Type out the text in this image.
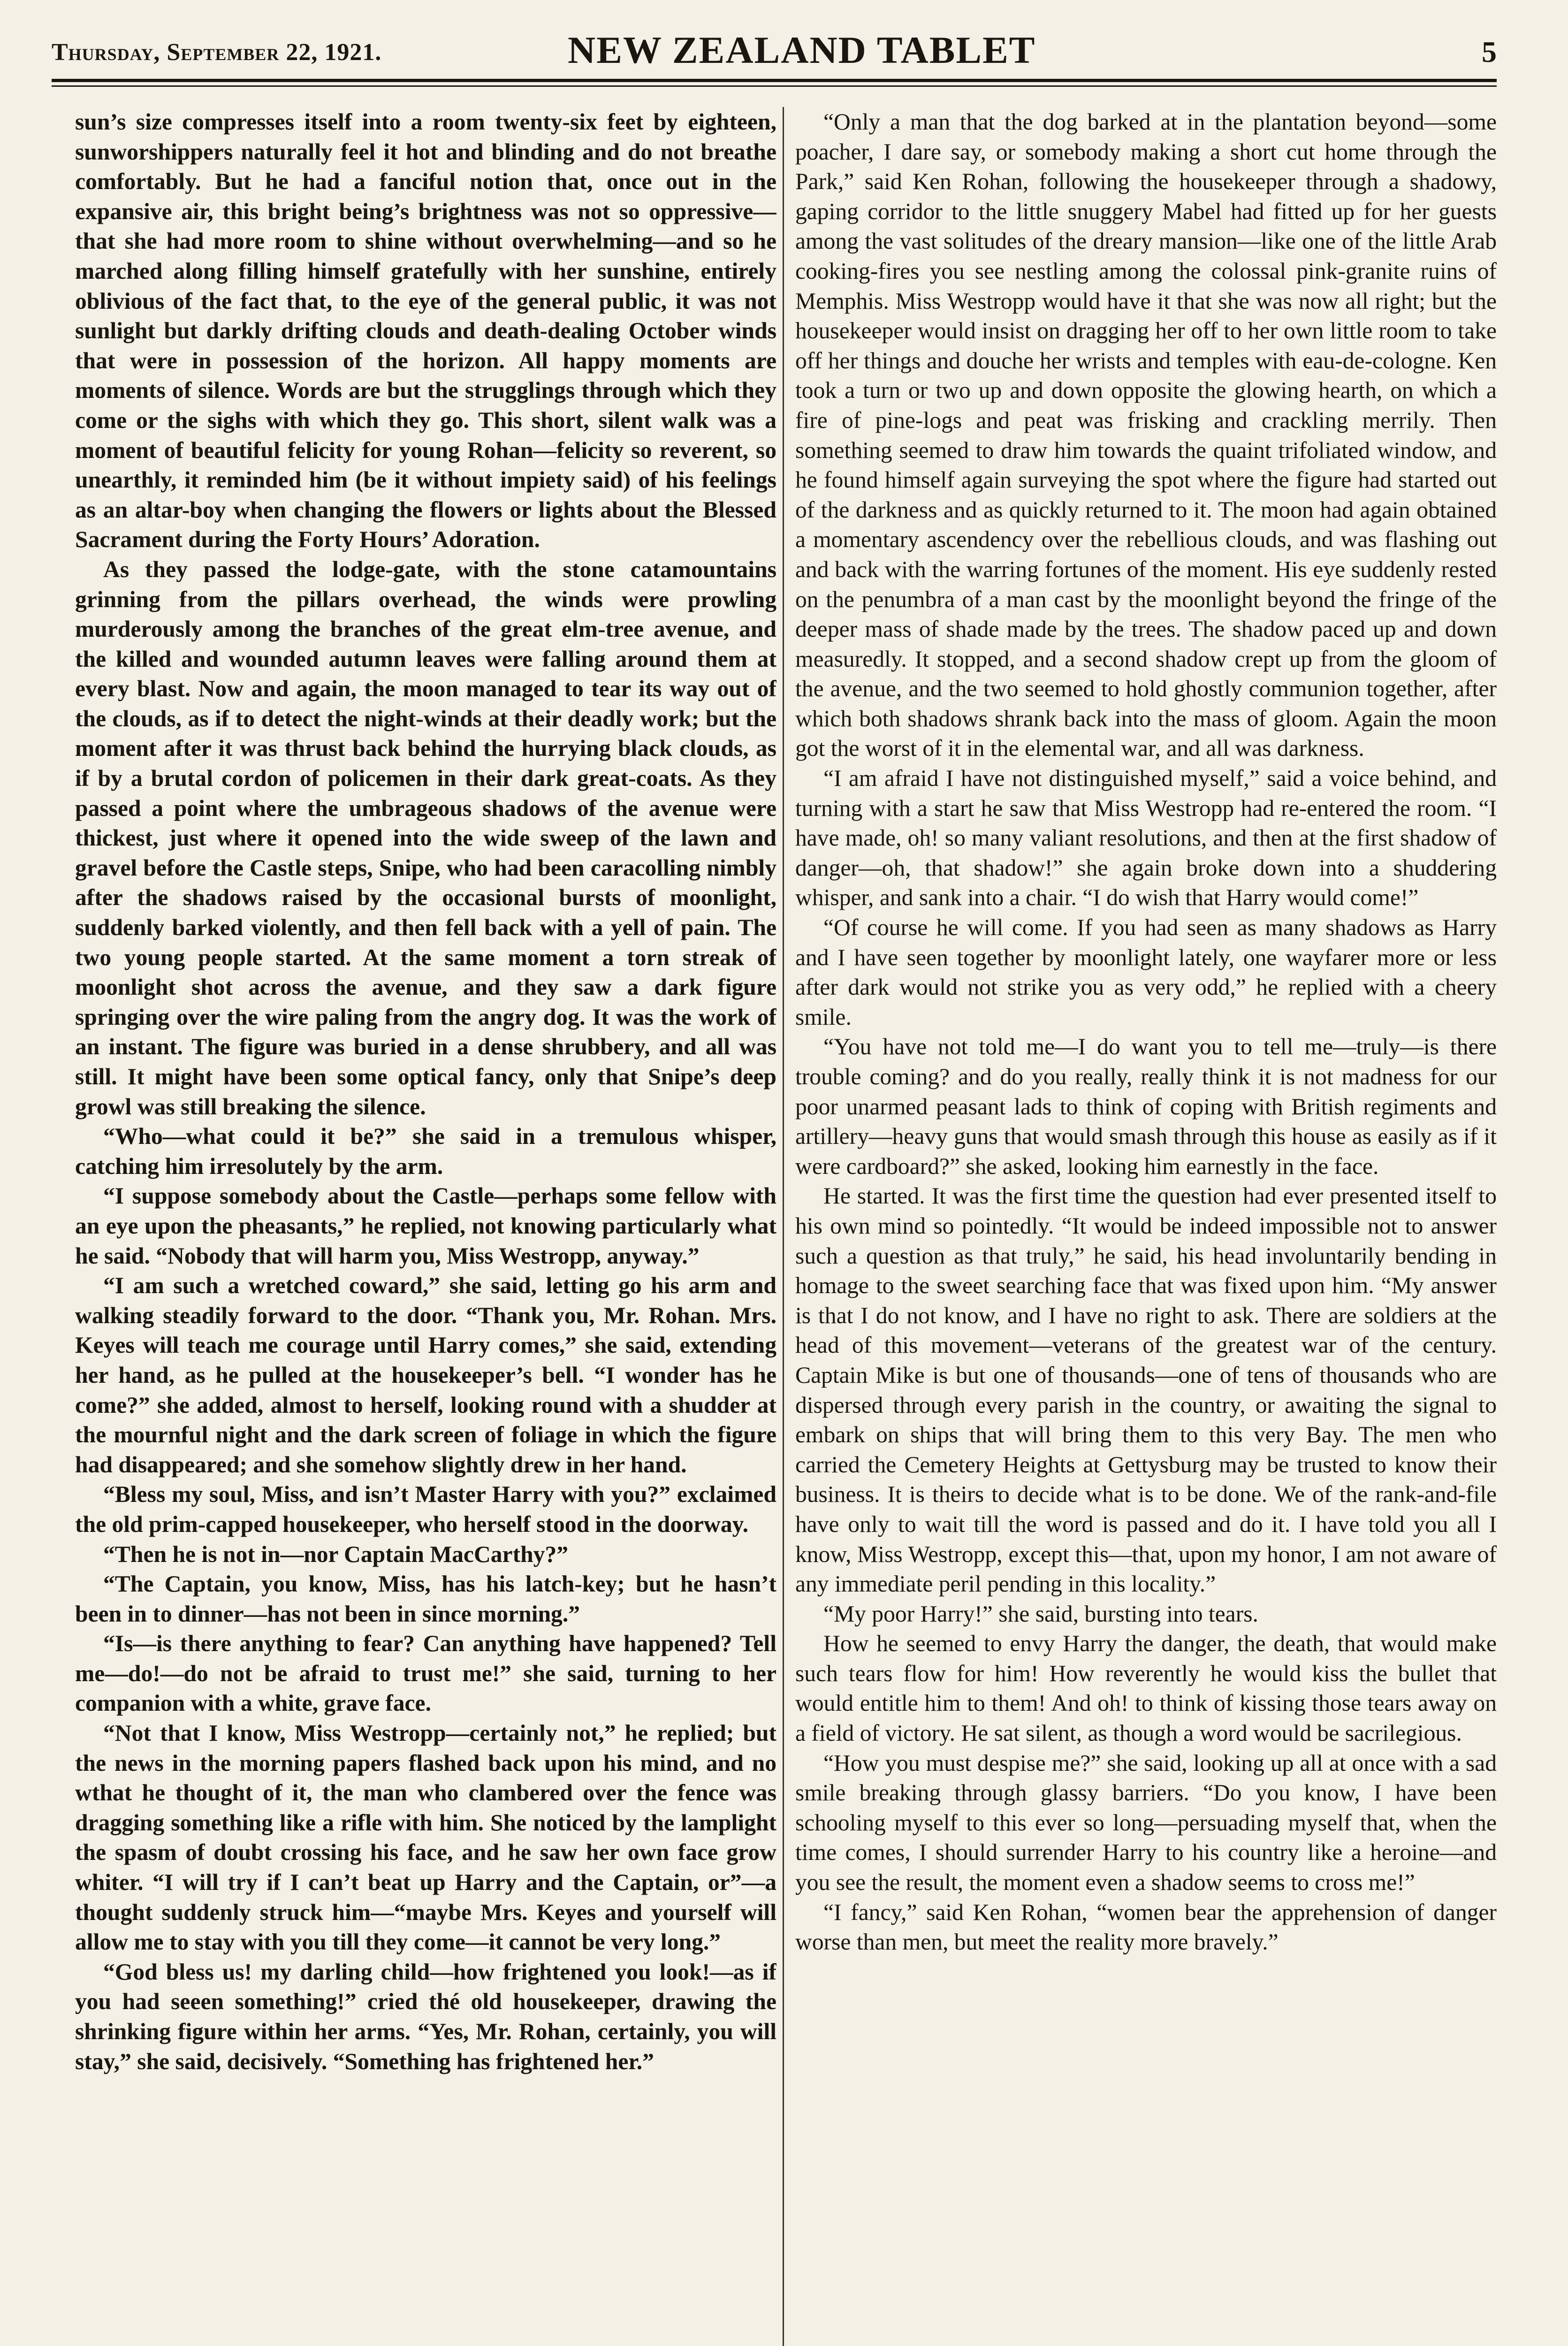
Thursday, September 22, 1921.	NEW ZEALAND TABLET	5

sun’s size compresses itself into a room twenty-six feet by eighteen, sunworshippers naturally feel it hot and blinding and do not breathe comfortably. But he had a fanciful notion that, once out in the expansive air, this bright being’s brightness was not so oppressive—that she had more room to shine without overwhelming—and so he marched along filling himself gratefully with her sunshine, entirely oblivious of the fact that, to the eye of the general public, it was not sunlight but darkly drifting clouds and death-dealing October winds that were in possession of the horizon. All happy moments are moments of silence. Words are but the strugglings through which they come or the sighs with which they go. This short, silent walk was a moment of beautiful felicity for young Rohan—felicity so reverent, so unearthly, it reminded him (be it without impiety said) of his feelings as an altar-boy when changing the flowers or lights about the Blessed Sacrament during the Forty Hours’ Adoration.

As they passed the lodge-gate, with the stone catamountains grinning from the pillars overhead, the winds were prowling murderously among the branches of the great elm-tree avenue, and the killed and wounded autumn leaves were falling around them at every blast. Now and again, the moon managed to tear its way out of the clouds, as if to detect the night-winds at their deadly work; but the moment after it was thrust back behind the hurrying black clouds, as if by a brutal cordon of policemen in their dark great-coats. As they passed a point where the umbrageous shadows of the avenue were thickest, just where it opened into the wide sweep of the lawn and gravel before the Castle steps, Snipe, who had been caracolling nimbly after the shadows raised by the occasional bursts of moonlight, suddenly barked violently, and then fell back with a yell of pain. The two young people started. At the same moment a torn streak of moonlight shot across the avenue, and they saw a dark figure springing over the wire paling from the angry dog. It was the work of an instant. The figure was buried in a dense shrubbery, and all was still. It might have been some optical fancy, only that Snipe’s deep growl was still breaking the silence.

“Who—what could it be?” she said in a tremulous whisper, catching him irresolutely by the arm.

“I suppose somebody about the Castle—perhaps some fellow with an eye upon the pheasants,” he replied, not knowing particularly what he said. “Nobody that will harm you, Miss Westropp, anyway.”

“I am such a wretched coward,” she said, letting go his arm and walking steadily forward to the door. “Thank you, Mr. Rohan. Mrs. Keyes will teach me courage until Harry comes,” she said, extending her hand, as he pulled at the housekeeper’s bell. “I wonder has he come?” she added, almost to herself, looking round with a shudder at the mournful night and the dark screen of foliage in which the figure had disappeared; and she somehow slightly drew in her hand.

“Bless my soul, Miss, and isn’t Master Harry with you?” exclaimed the old prim-capped housekeeper, who herself stood in the doorway.

“Then he is not in—nor Captain MacCarthy?”

“The Captain, you know, Miss, has his latch-key; but he hasn’t been in to dinner—has not been in since morning.”

“Is—is there anything to fear? Can anything have happened? Tell me—do!—do not be afraid to trust me!” she said, turning to her companion with a white, grave face.

“Not that I know, Miss Westropp—certainly not,” he replied; but the news in the morning papers flashed back upon his mind, and no wthat he thought of it, the man who clambered over the fence was dragging something like a rifle with him. She noticed by the lamplight the spasm of doubt crossing his face, and he saw her own face grow whiter. “I will try if I can’t beat up Harry and the Captain, or”—a thought suddenly struck him—“maybe Mrs. Keyes and yourself will allow me to stay with you till they come—it cannot be very long.”

“God bless us! my darling child—how frightened you look!—as if you had seeen something!” cried thé old housekeeper, drawing the shrinking figure within her arms. “Yes, Mr. Rohan, certainly, you will stay,” she said, decisively. “Something has frightened her.”

“Only a man that the dog barked at in the plantation beyond—some poacher, I dare say, or somebody making a short cut home through the Park,” said Ken Rohan, following the housekeeper through a shadowy, gaping corridor to the little snuggery Mabel had fitted up for her guests among the vast solitudes of the dreary mansion—like one of the little Arab cooking-fires you see nestling among the colossal pink-granite ruins of Memphis. Miss Westropp would have it that she was now all right; but the housekeeper would insist on dragging her off to her own little room to take off her things and douche her wrists and temples with eau-de-cologne. Ken took a turn or two up and down opposite the glowing hearth, on which a fire of pine-logs and peat was frisking and crackling merrily. Then something seemed to draw him towards the quaint trifoliated window, and he found himself again surveying the spot where the figure had started out of the darkness and as quickly returned to it. The moon had again obtained a momentary ascendency over the rebellious clouds, and was flashing out and back with the warring fortunes of the moment. His eye suddenly rested on the penumbra of a man cast by the moonlight beyond the fringe of the deeper mass of shade made by the trees. The shadow paced up and down measuredly. It stopped, and a second shadow crept up from the gloom of the avenue, and the two seemed to hold ghostly communion together, after which both shadows shrank back into the mass of gloom. Again the moon got the worst of it in the elemental war, and all was darkness.

“I am afraid I have not distinguished myself,” said a voice behind, and turning with a start he saw that Miss Westropp had re-entered the room. “I have made, oh! so many valiant resolutions, and then at the first shadow of danger—oh, that shadow!” she again broke down into a shuddering whisper, and sank into a chair. “I do wish that Harry would come!”

“Of course he will come. If you had seen as many shadows as Harry and I have seen together by moonlight lately, one wayfarer more or less after dark would not strike you as very odd,” he replied with a cheery smile.

“You have not told me—I do want you to tell me—truly—is there trouble coming? and do you really, really think it is not madness for our poor unarmed peasant lads to think of coping with British regiments and artillery—heavy guns that would smash through this house as easily as if it were cardboard?” she asked, looking him earnestly in the face.

He started. It was the first time the question had ever presented itself to his own mind so pointedly. “It would be indeed impossible not to answer such a question as that truly,” he said, his head involuntarily bending in homage to the sweet searching face that was fixed upon him. “My answer is that I do not know, and I have no right to ask. There are soldiers at the head of this movement—veterans of the greatest war of the century. Captain Mike is but one of thousands—one of tens of thousands who are dispersed through every parish in the country, or awaiting the signal to embark on ships that will bring them to this very Bay. The men who carried the Cemetery Heights at Gettysburg may be trusted to know their business. It is theirs to decide what is to be done. We of the rank-and-file have only to wait till the word is passed and do it. I have told you all I know, Miss Westropp, except this—that, upon my honor, I am not aware of any immediate peril pending in this locality.”

“My poor Harry!” she said, bursting into tears.

How he seemed to envy Harry the danger, the death, that would make such tears flow for him! How reverently he would kiss the bullet that would entitle him to them! And oh! to think of kissing those tears away on a field of victory. He sat silent, as though a word would be sacrilegious.

“How you must despise me?” she said, looking up all at once with a sad smile breaking through glassy barriers. “Do you know, I have been schooling myself to this ever so long—persuading myself that, when the time comes, I should surrender Harry to his country like a heroine—and you see the result, the moment even a shadow seems to cross me!”

“I fancy,” said Ken Rohan, “women bear the apprehension of danger worse than men, but meet the reality more bravely.”
